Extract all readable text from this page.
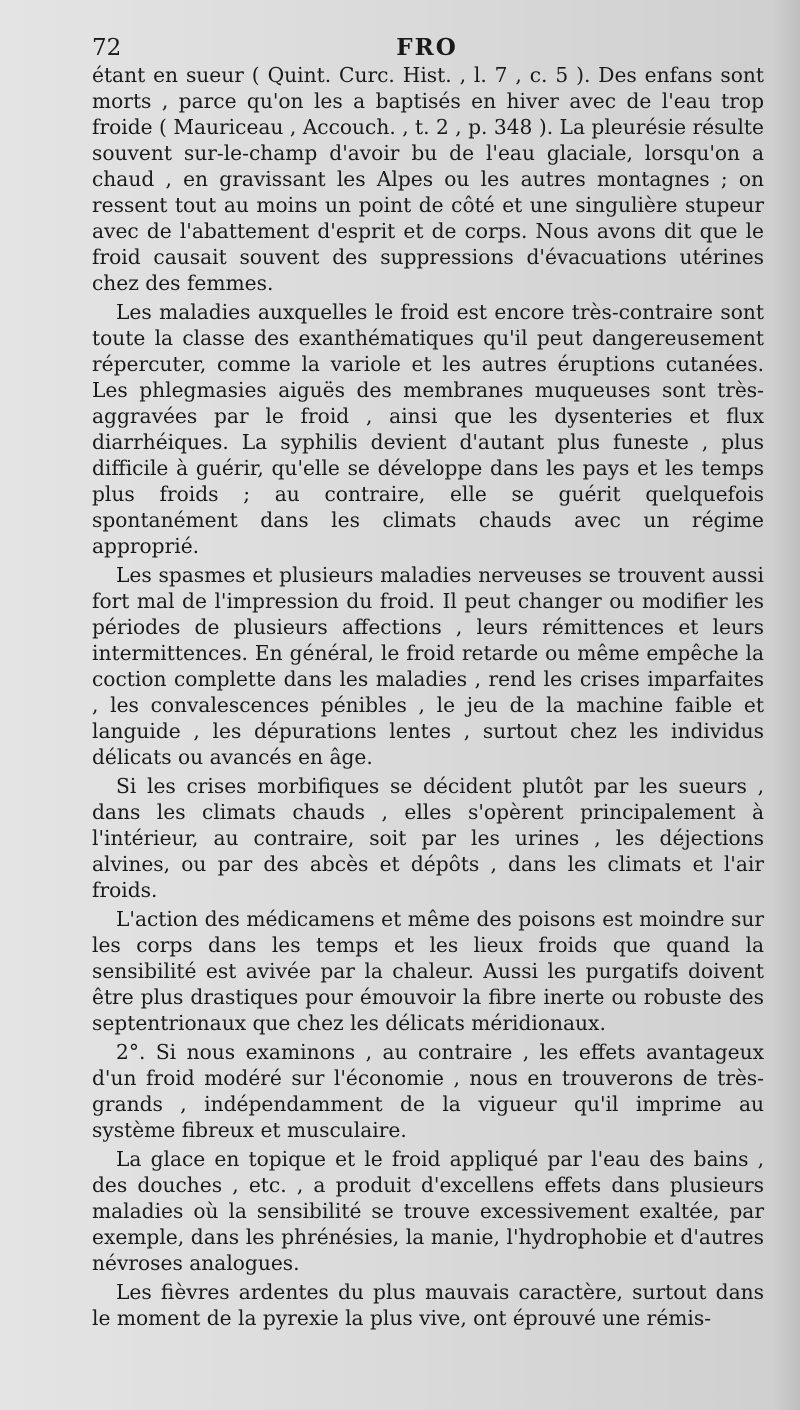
72	FRO

étant en sueur ( Quint. Curc. Hist. , l. 7 , c. 5 ). Des enfans sont morts , parce qu'on les a baptisés en hiver avec de l'eau trop froide ( Mauriceau , Accouch. , t. 2 , p. 348 ). La pleurésie résulte souvent sur-le-champ d'avoir bu de l'eau glaciale, lorsqu'on a chaud , en gravissant les Alpes ou les autres montagnes ; on ressent tout au moins un point de côté et une singulière stupeur avec de l'abattement d'esprit et de corps. Nous avons dit que le froid causait souvent des suppressions d'évacuations utérines chez des femmes.

Les maladies auxquelles le froid est encore très-contraire sont toute la classe des exanthématiques qu'il peut dangereusement répercuter, comme la variole et les autres éruptions cutanées. Les phlegmasies aiguës des membranes muqueuses sont très-aggravées par le froid , ainsi que les dysenteries et flux diarrhéiques. La syphilis devient d'autant plus funeste , plus difficile à guérir, qu'elle se développe dans les pays et les temps plus froids ; au contraire, elle se guérit quelquefois spontanément dans les climats chauds avec un régime approprié.

Les spasmes et plusieurs maladies nerveuses se trouvent aussi fort mal de l'impression du froid. Il peut changer ou modifier les périodes de plusieurs affections , leurs rémittences et leurs intermittences. En général, le froid retarde ou même empêche la coction complette dans les maladies , rend les crises imparfaites , les convalescences pénibles , le jeu de la machine faible et languide , les dépurations lentes , surtout chez les individus délicats ou avancés en âge.

Si les crises morbifiques se décident plutôt par les sueurs , dans les climats chauds , elles s'opèrent principalement à l'intérieur, au contraire, soit par les urines , les déjections alvines, ou par des abcès et dépôts , dans les climats et l'air froids.

L'action des médicamens et même des poisons est moindre sur les corps dans les temps et les lieux froids que quand la sensibilité est avivée par la chaleur. Aussi les purgatifs doivent être plus drastiques pour émouvoir la fibre inerte ou robuste des septentrionaux que chez les délicats méridionaux.

2°. Si nous examinons , au contraire , les effets avantageux d'un froid modéré sur l'économie , nous en trouverons de très-grands , indépendamment de la vigueur qu'il imprime au système fibreux et musculaire.

La glace en topique et le froid appliqué par l'eau des bains , des douches , etc. , a produit d'excellens effets dans plusieurs maladies où la sensibilité se trouve excessivement exaltée, par exemple, dans les phrénésies, la manie, l'hydrophobie et d'autres névroses analogues.

Les fièvres ardentes du plus mauvais caractère, surtout dans le moment de la pyrexie la plus vive, ont éprouvé une rémis-
